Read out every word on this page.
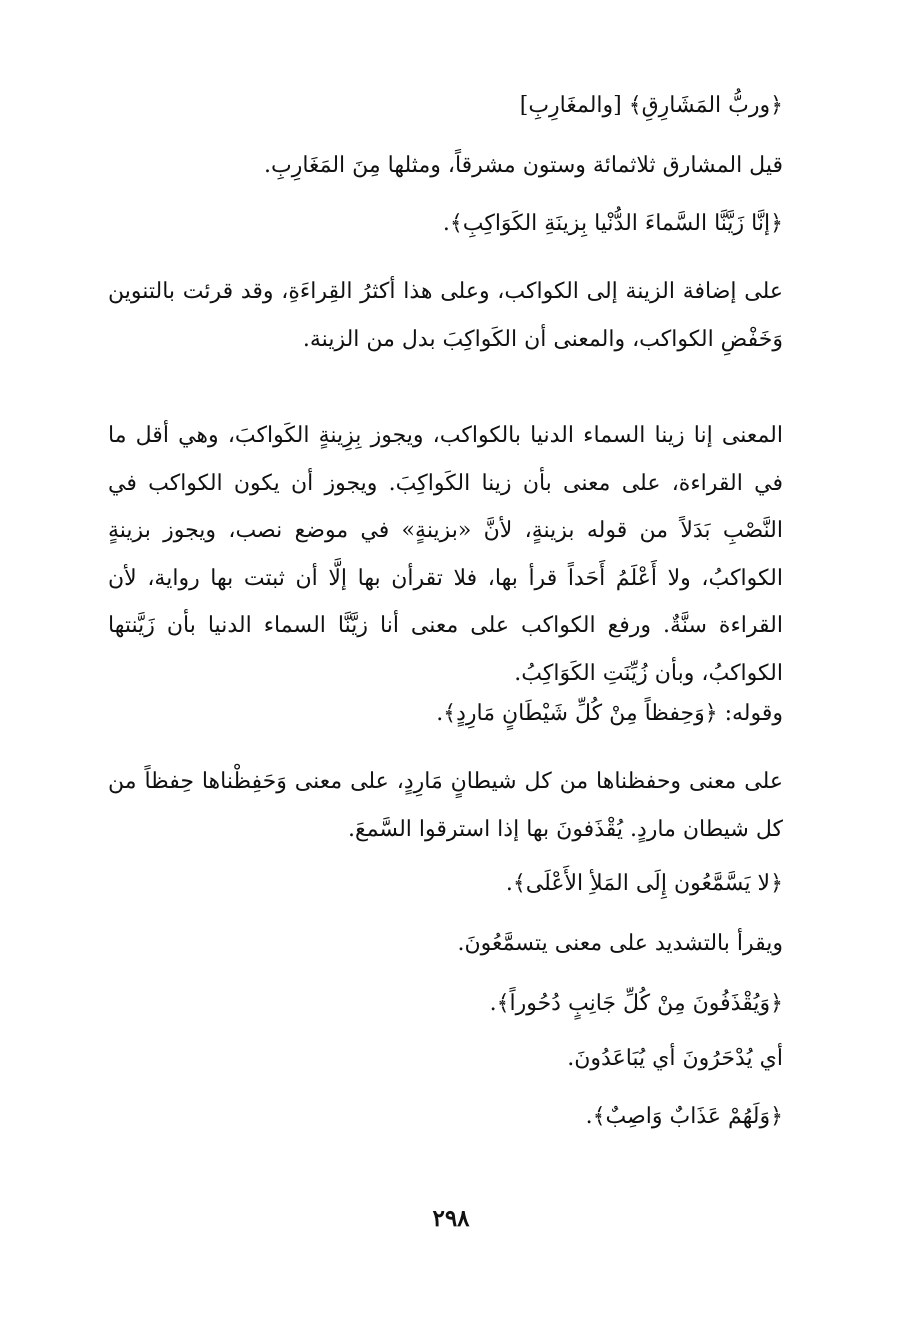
﴿وربُّ المَشَارِقِ﴾ [والمغَارِبِ]

قيل المشارق ثلاثمائة وستون مشرقاً، ومثلها مِنَ المَغَارِبِ.

﴿إنَّا زَيَّنَّا السَّماءَ الدُّنْيا بِزينَةِ الكَوَاكِبِ﴾.

على إضافة الزينة إلى الكواكب، وعلى هذا أكثرُ القِراءَةِ، وقد قرئت بالتنوين وَخَفْضِ الكواكب، والمعنى أن الكَواكِبَ بدل من الزينة.

المعنى إنا زينا السماء الدنيا بالكواكب، ويجوز بِزِينةٍ الكَواكبَ، وهي أقل ما في القراءة، على معنى بأن زينا الكَواكِبَ. ويجوز أن يكون الكواكب في النَّصْبِ بَدَلاً من قوله بزينةٍ، لأنَّ «بزينةٍ» في موضع نصب، ويجوز بزينةٍ الكواكبُ، ولا أَعْلَمُ أَحَداً قرأ بها، فلا تقرأن بها إلَّا أن ثبتت بها رواية، لأن القراءة سنَّةٌ. ورفع الكواكب على معنى أنا زيَّنَّا السماء الدنيا بأن زَيَّنتها الكواكبُ، وبأن زُيِّنَتِ الكَوَاكِبُ.

وقوله: ﴿وَحِفظاً مِنْ كُلِّ شَيْطَانٍ مَارِدٍ﴾.

على معنى وحفظناها من كل شيطانٍ مَارِدٍ، على معنى وَحَفِظْناها حِفظاً من كل شيطان ماردٍ. يُقْذَفونَ بها إذا استرقوا السَّمعَ.

﴿لا يَسَّمَّعُون إِلَى المَلأِ الأَعْلَى﴾.

ويقرأ بالتشديد على معنى يتسمَّعُونَ.

﴿وَيُقْذَفُونَ مِنْ كُلِّ جَانِبٍ دُحُوراً﴾.

أي يُدْحَرُونَ أي يُبَاعَدُونَ.

﴿وَلَهُمْ عَذَابٌ وَاصِبٌ﴾.

٢٩٨
